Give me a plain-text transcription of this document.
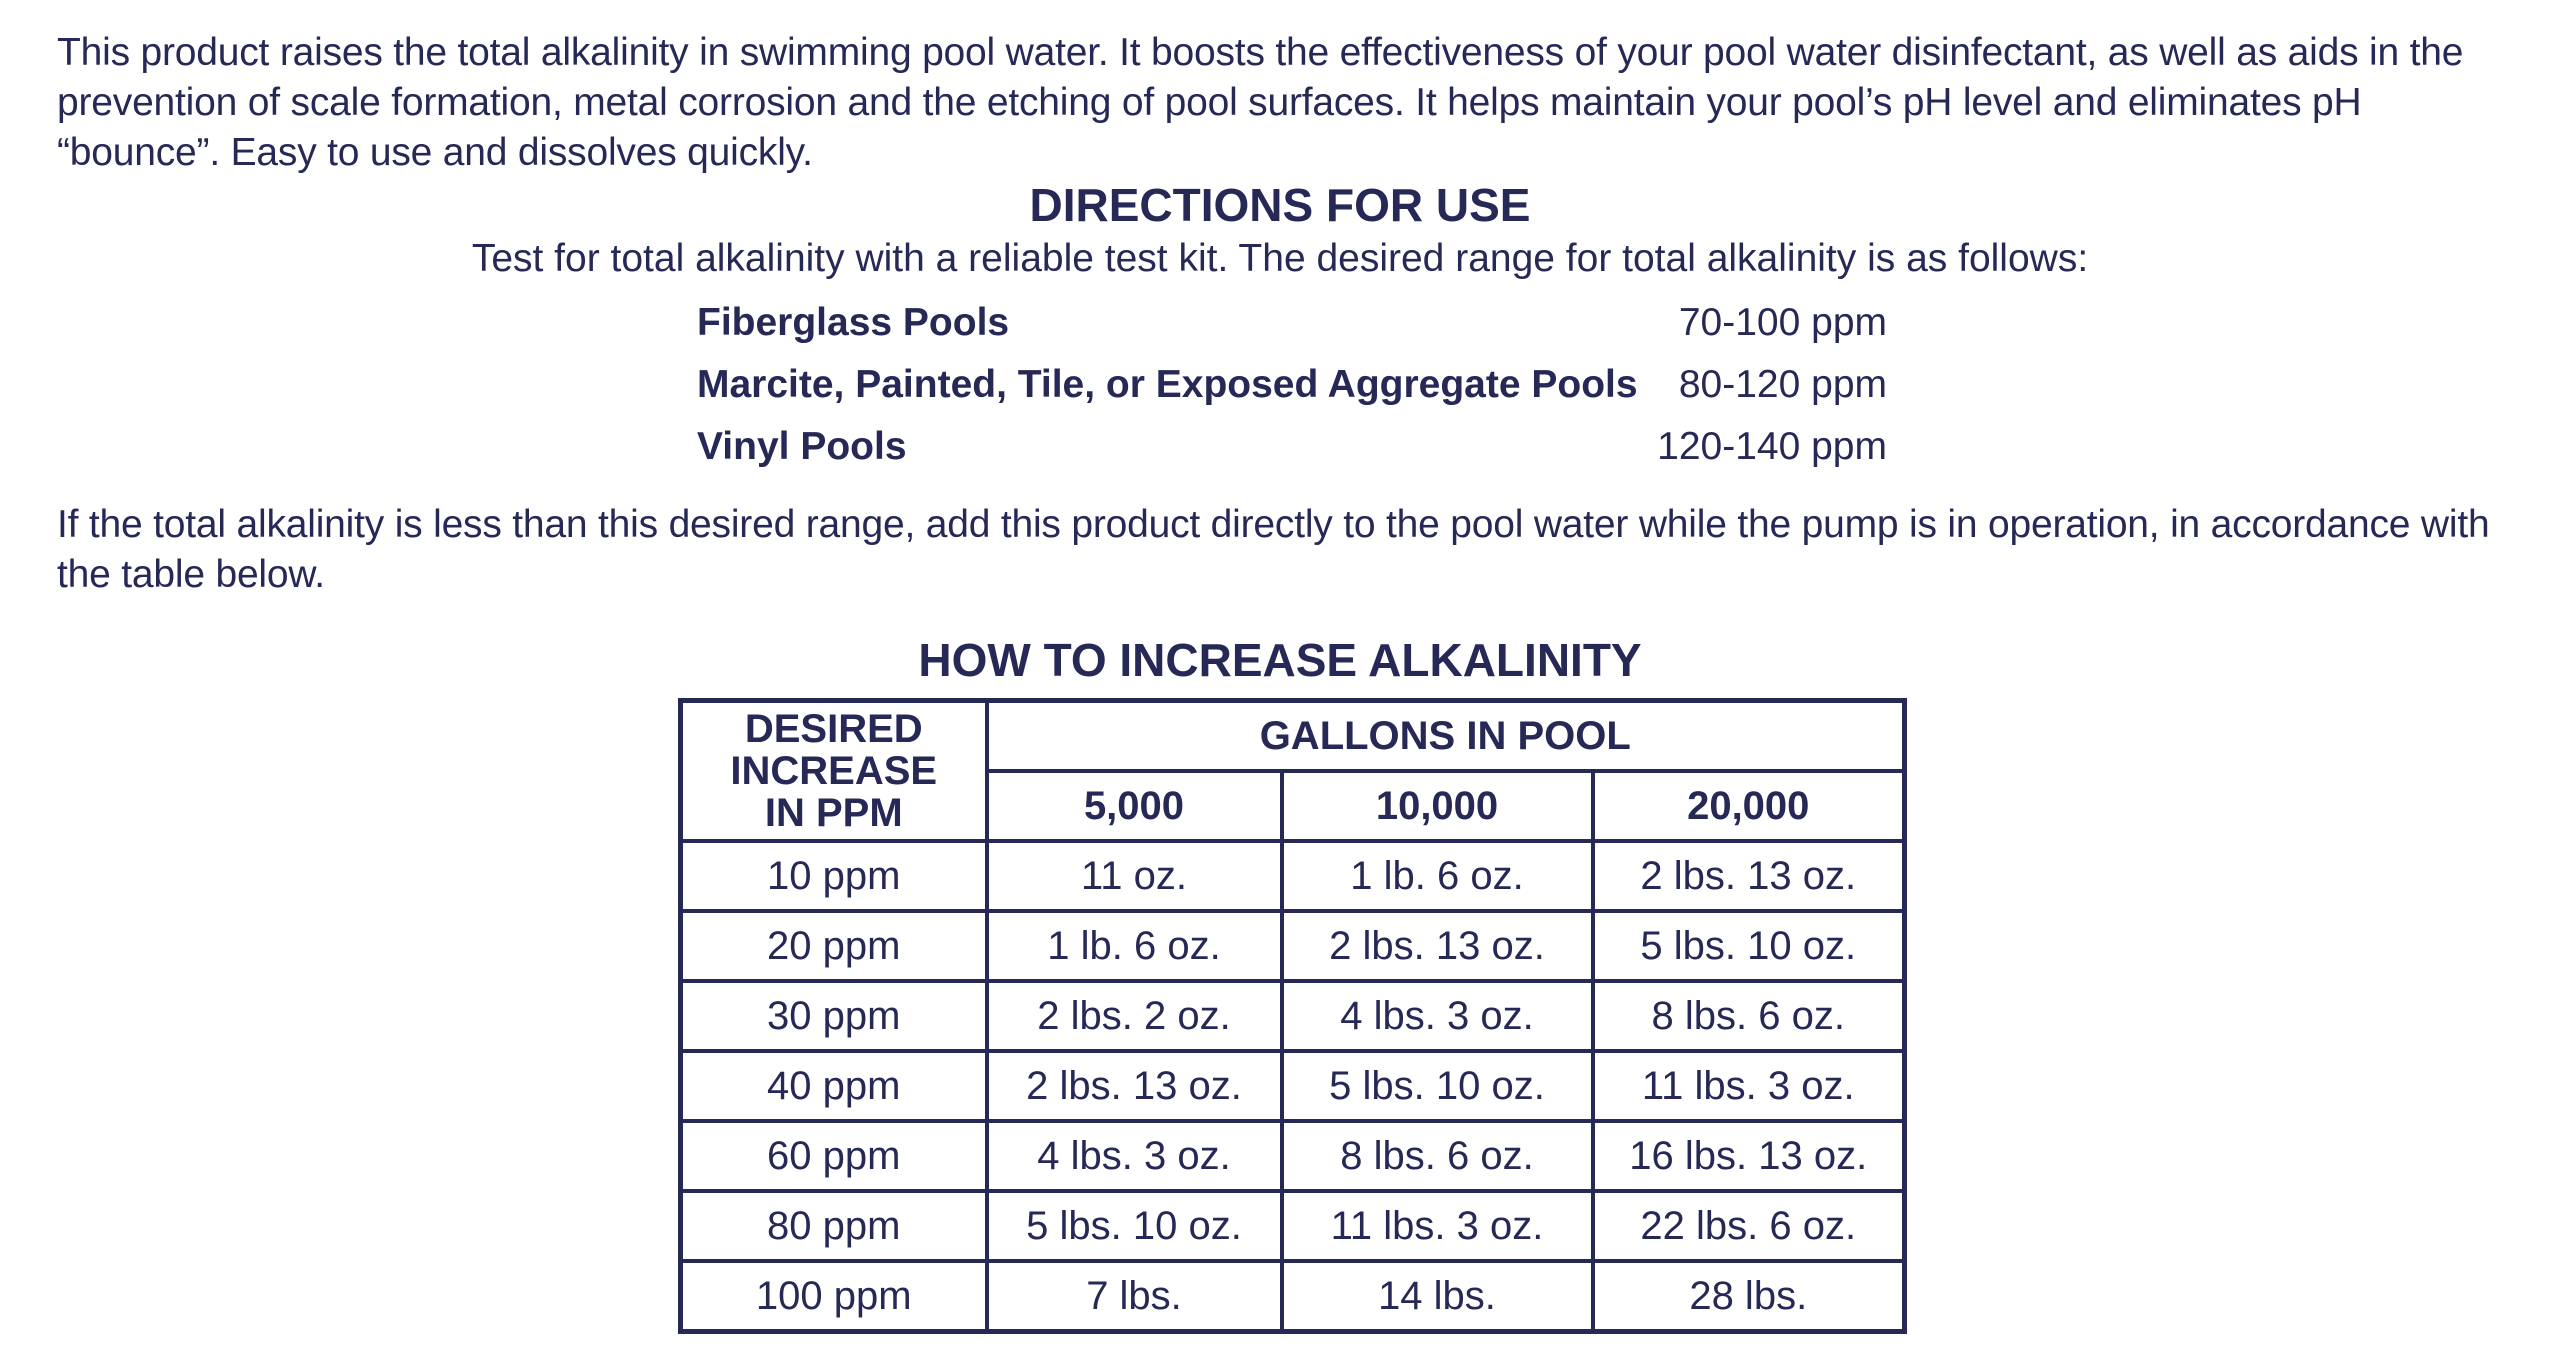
This product raises the total alkalinity in swimming pool water. It boosts the effectiveness of your pool water disinfectant, as well as aids in the prevention of scale formation, metal corrosion and the etching of pool surfaces. It helps maintain your pool’s pH level and eliminates pH “bounce”. Easy to use and dissolves quickly.

DIRECTIONS FOR USE
Test for total alkalinity with a reliable test kit. The desired range for total alkalinity is as follows:
Fiberglass Pools	70-100 ppm
Marcite, Painted, Tile, or Exposed Aggregate Pools 80-120 ppm
Vinyl Pools	120-140 ppm

If the total alkalinity is less than this desired range, add this product directly to the pool water while the pump is in operation, in accordance with the table below.

HOW TO INCREASE ALKALINITY
DESIRED
INCREASE
IN PPM	GALLONS IN POOL		
	5,000	10,000	20,000
10 ppm	11 oz.	1 lb. 6 oz.	2 lbs. 13 oz.
20 ppm	1 lb. 6 oz.	2 lbs. 13 oz.	5 lbs. 10 oz.
30 ppm	2 lbs. 2 oz.	4 lbs. 3 oz.	8 lbs. 6 oz.
40 ppm	2 lbs. 13 oz.	5 lbs. 10 oz.	11 lbs. 3 oz.
60 ppm	4 lbs. 3 oz.	8 lbs. 6 oz.	16 lbs. 13 oz.
80 ppm	5 lbs. 10 oz.	11 lbs. 3 oz.	22 lbs. 6 oz.
100 ppm	7 lbs.	14 lbs.	28 lbs.
